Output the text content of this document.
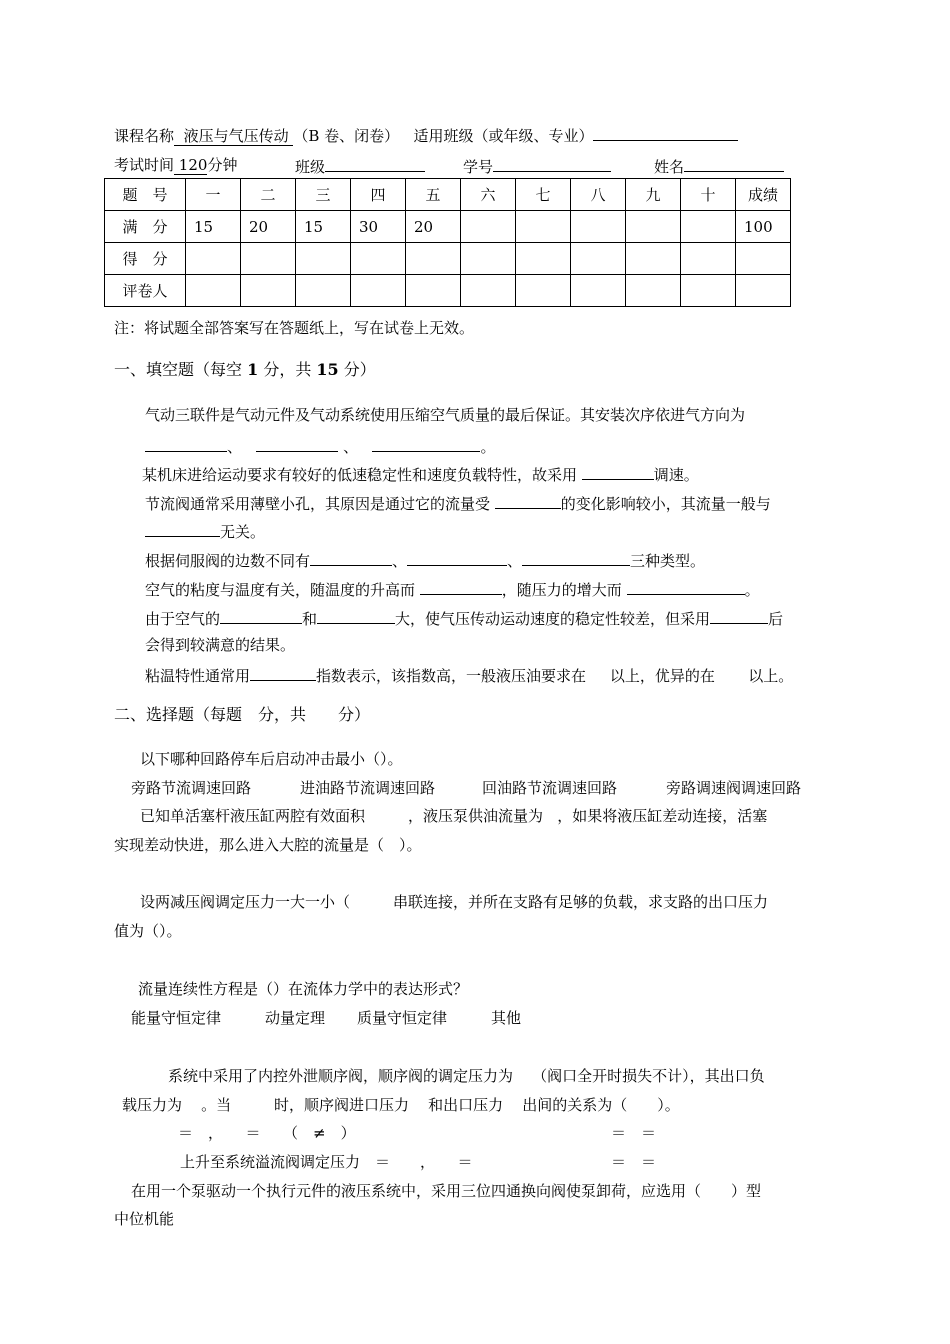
课程名称 液压与气压传动 （B 卷、闭卷） 适用班级（或年级、专业）
考试时间 120分钟	班级	学号	姓名
题　号	一	二	三	四	五	六	七	八	九	十	成绩
满　分	15	20	15	30	20						100
得　分											
评卷人											
注：将试题全部答案写在答题纸上，写在试卷上无效。
一、填空题（每空 1 分，共 15 分）
气动三联件是气动元件及气动系统使用压缩空气质量的最后保证。其安装次序依进气方向为
、	、	。
某机床进给运动要求有较好的低速稳定性和速度负载特性，故采用	调速。
节流阀通常采用薄壁小孔，其原因是通过它的流量受	的变化影响较小，其流量一般与
无关。
根据伺服阀的边数不同有	、	、	三种类型。
空气的粘度与温度有关，随温度的升高而	，随压力的增大而	。
由于空气的	和	大，使气压传动运动速度的稳定性较差，但采用	后
会得到较满意的结果。
粘温特性通常用	指数表示，该指数高，一般液压油要求在 以上，优异的在 以上。
二、选择题（每题　分，共　　分）
以下哪种回路停车后启动冲击最小（）。
旁路节流调速回路	进油路节流调速回路	回油路节流调速回路	旁路调速阀调速回路
已知单活塞杆液压缸两腔有效面积	，液压泵供油流量为 ，如果将液压缸差动连接，活塞
实现差动快进，那么进入大腔的流量是（　）。
设两减压阀调定压力一大一小（	串联连接，并所在支路有足够的负载，求支路的出口压力
值为（）。
流量连续性方程是（）在流体力学中的表达形式？
能量守恒定律	动量定理 质量守恒定律	其他
系统中采用了内控外泄顺序阀，顺序阀的调定压力为 （阀口全开时损失不计），其出口负
载压力为 。当	时，顺序阀进口压力 和出口压力 出间的关系为（　　）。
＝　，　　＝　　（　≠　）	＝　＝
上升至系统溢流阀调定压力　＝　　，　　＝	＝　＝
在用一个泵驱动一个执行元件的液压系统中，采用三位四通换向阀使泵卸荷，应选用（　　）型
中位机能
